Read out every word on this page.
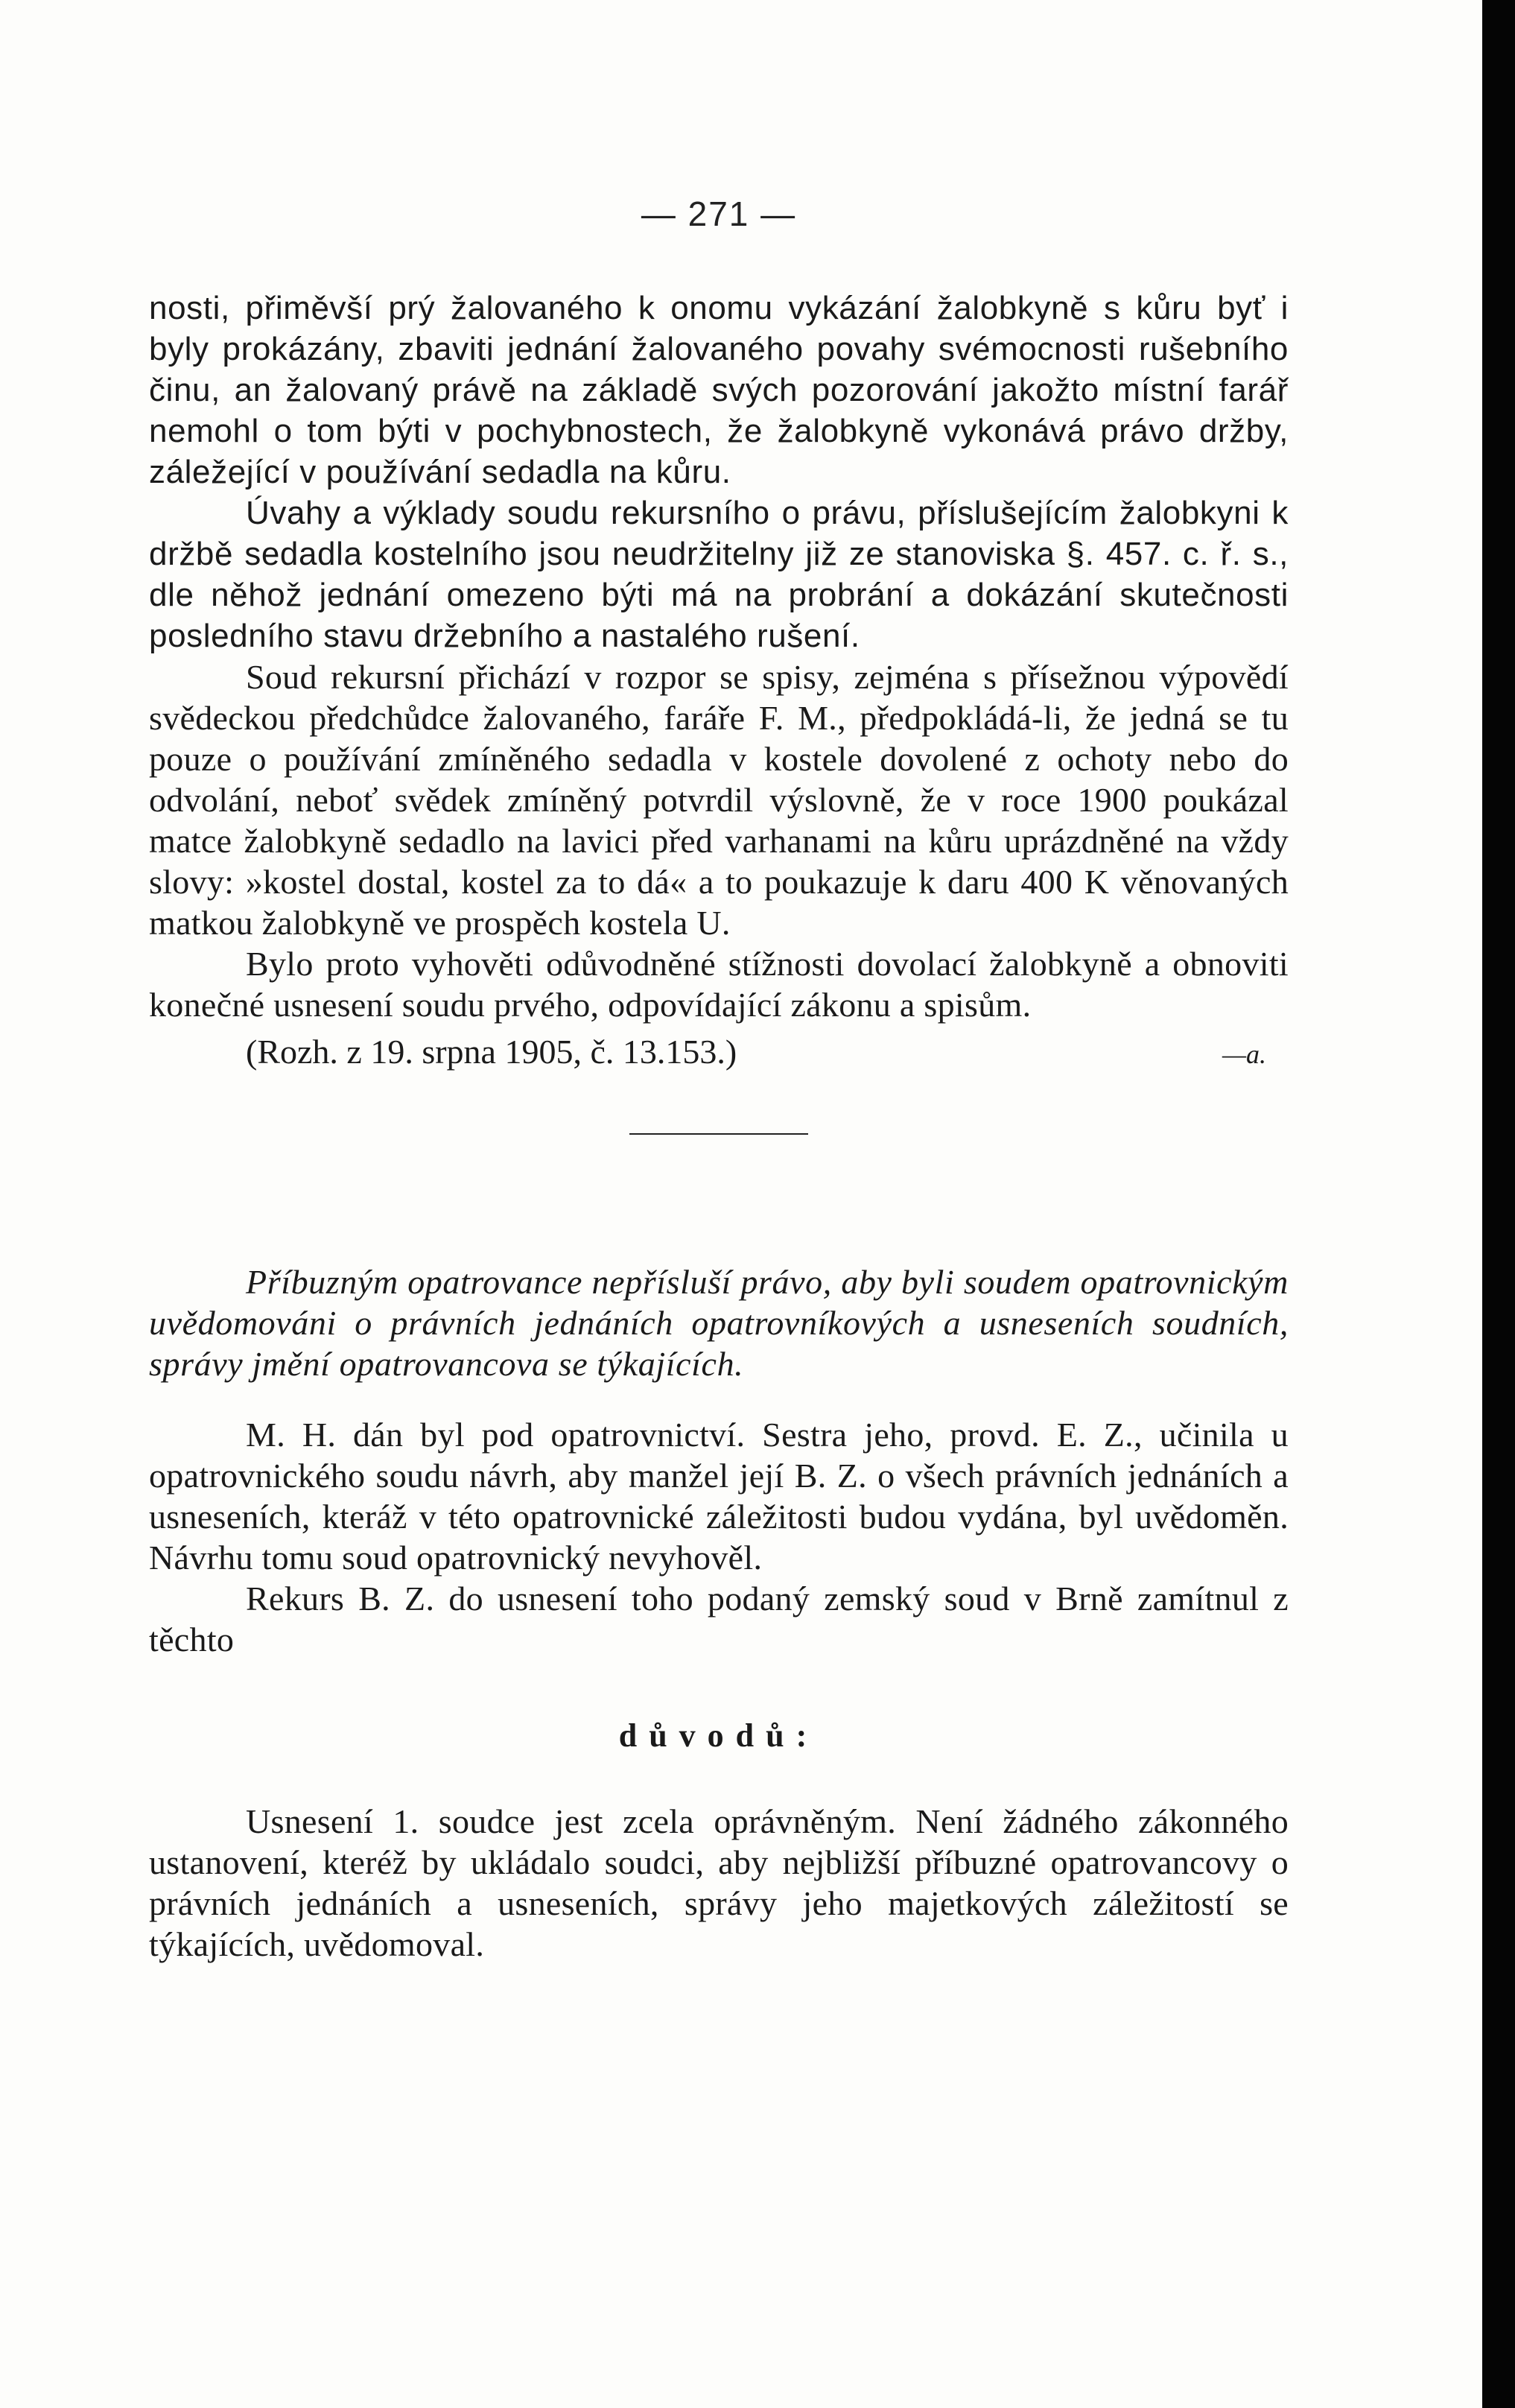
— 271 —

nosti, přiměvší prý žalovaného k onomu vykázání žalobkyně s kůru byť i byly prokázány, zbaviti jednání žalovaného povahy svémocnosti rušebního činu, an žalovaný právě na základě svých pozorování jakožto místní farář nemohl o tom býti v pochybnostech, že žalobkyně vykonává právo držby, záležející v používání sedadla na kůru.

Úvahy a výklady soudu rekursního o právu, příslušejícím žalobkyni k držbě sedadla kostelního jsou neudržitelny již ze stanoviska §. 457. c. ř. s., dle něhož jednání omezeno býti má na probrání a dokázání skutečnosti posledního stavu držebního a nastalého rušení.

Soud rekursní přichází v rozpor se spisy, zejména s přísežnou výpovědí svědeckou předchůdce žalovaného, faráře F. M., předpokládá-li, že jedná se tu pouze o používání zmíněného sedadla v kostele dovolené z ochoty nebo do odvolání, neboť svědek zmíněný potvrdil výslovně, že v roce 1900 poukázal matce žalobkyně sedadlo na lavici před varhanami na kůru uprázdněné na vždy slovy: »kostel dostal, kostel za to dá« a to poukazuje k daru 400 K věnovaných matkou žalobkyně ve prospěch kostela U.

Bylo proto vyhověti odůvodněné stížnosti dovolací žalobkyně a obnoviti konečné usnesení soudu prvého, odpovídající zákonu a spisům.

(Rozh. z 19. srpna 1905, č. 13.153.)	—a.

Příbuzným opatrovance nepřísluší právo, aby byli soudem opatrovnickým uvědomováni o právních jednáních opatrovníkových a usneseních soudních, správy jmění opatrovancova se týkajících.

M. H. dán byl pod opatrovnictví. Sestra jeho, provd. E. Z., učinila u opatrovnického soudu návrh, aby manžel její B. Z. o všech právních jednáních a usneseních, kteráž v této opatrovnické záležitosti budou vydána, byl uvědoměn. Návrhu tomu soud opatrovnický nevyhověl.

Rekurs B. Z. do usnesení toho podaný zemský soud v Brně zamítnul z těchto

důvodů:

Usnesení 1. soudce jest zcela oprávněným. Není žádného zákonného ustanovení, kteréž by ukládalo soudci, aby nejbližší příbuzné opatrovancovy o právních jednáních a usneseních, správy jeho majetkových záležitostí se týkajících, uvědomoval.
